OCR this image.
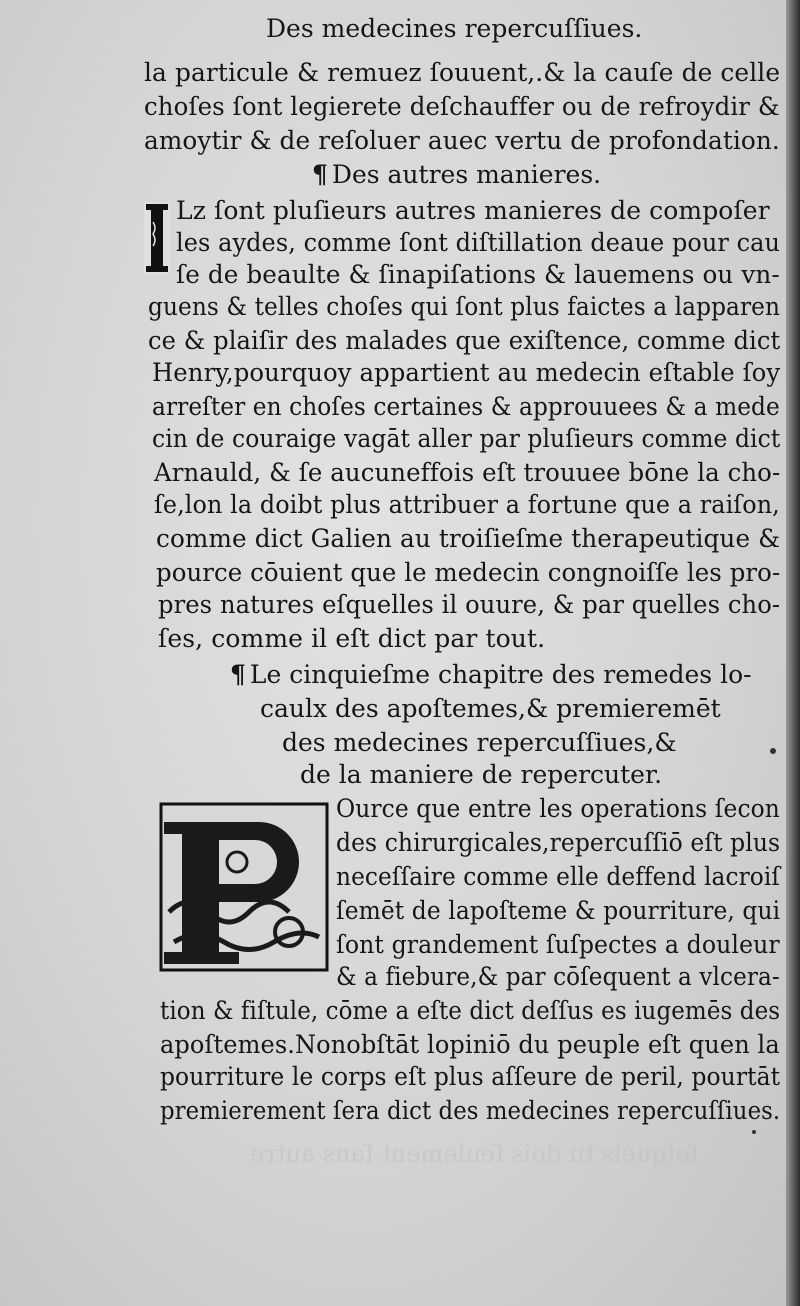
Des medecines repercuſſiues.
la particule & remuez ſouuent,.& la cauſe de celle
choſes ſont legierete deſchauffer ou de refroydir &
amoytir & de reſoluer auec vertu de profondation.
¶ Des autres manieres.
Lz ſont pluſieurs autres manieres de compoſer
les aydes, comme ſont diſtillation deaue pour cau
ſe de beaulte & ſinapiſations & lauemens ou vn-
guens & telles choſes qui ſont plus faictes a lapparen
ce & plaiſir des malades que exiſtence, comme dict
Henry,pourquoy appartient au medecin eſtable ſoy
arreſter en choſes certaines & approuuees & a mede
cin de couraige vagāt aller par pluſieurs comme dict
Arnauld, & ſe aucuneffois eſt trouuee bōne la cho-
ſe,lon la doibt plus attribuer a fortune que a raiſon,
comme dict Galien au troiſieſme therapeutique &
pource cōuient que le medecin congnoiſſe les pro-
pres natures eſquelles il ouure, & par quelles cho-
ſes, comme il eſt dict par tout.
¶ Le cinquieſme chapitre des remedes lo-
caulx des apoſtemes,& premieremēt
des medecines repercuſſiues,&
de la maniere de repercuter.
Ource que entre les operations ſecon
des chirurgicales,repercuſſiō eſt plus
neceſſaire comme elle deffend lacroiſ
ſemēt de lapoſteme & pourriture, qui
ſont grandement ſuſpectes a douleur
& a fiebure,& par cōſequent a vlcera-
tion & fiſtule, cōme a eſte dict deſſus es iugemēs des
apoſtemes.Nonobſtāt lopiniō du peuple eſt quen la
pourriture le corps eſt plus aſſeure de peril, pourtāt
premierement ſera dict des medecines repercuſſiues.
ſeſquels tu dois ſeulement ſans autre
